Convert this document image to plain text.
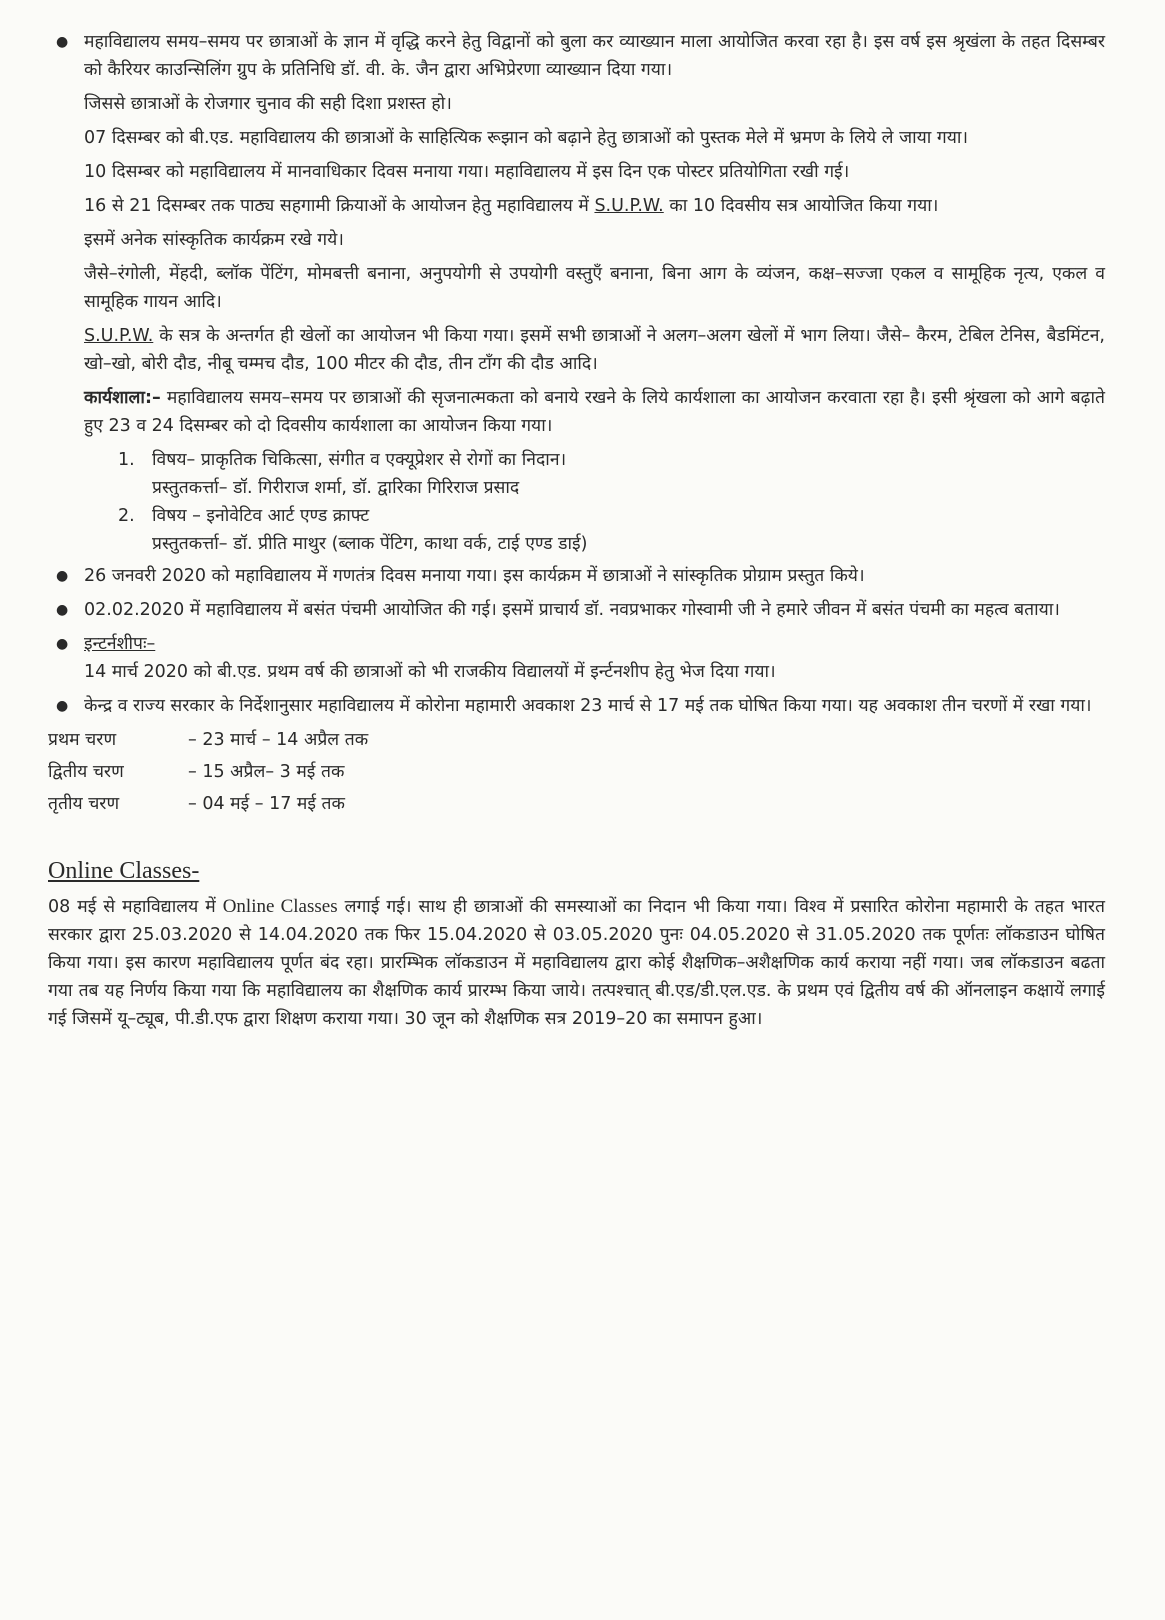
● महाविद्यालय समय–समय पर छात्राओं के ज्ञान में वृद्धि करने हेतु विद्वानों को बुला कर व्याख्यान माला आयोजित करवा रहा है। इस वर्ष इस श्रृखंला के तहत दिसम्बर को कैरियर काउन्सिलिंग ग्रुप के प्रतिनिधि डॉ. वी. के. जैन द्वारा अभिप्रेरणा व्याख्यान दिया गया।

जिससे छात्राओं के रोजगार चुनाव की सही दिशा प्रशस्त हो।

07 दिसम्बर को बी.एड. महाविद्यालय की छात्राओं के साहित्यिक रूझान को बढ़ाने हेतु छात्राओं को पुस्तक मेले में भ्रमण के लिये ले जाया गया।

10 दिसम्बर को महाविद्यालय में मानवाधिकार दिवस मनाया गया। महाविद्यालय में इस दिन एक पोस्टर प्रतियोगिता रखी गई।

16 से 21 दिसम्बर तक पाठ्य सहगामी क्रियाओं के आयोजन हेतु महाविद्यालय में S.U.P.W. का 10 दिवसीय सत्र आयोजित किया गया।

इसमें अनेक सांस्कृतिक कार्यक्रम रखे गये।

जैसे–रंगोली, मेंहदी, ब्लॉक पेंटिंग, मोमबत्ती बनाना, अनुपयोगी से उपयोगी वस्तुएँ बनाना, बिना आग के व्यंजन, कक्ष–सज्जा एकल व सामूहिक नृत्य, एकल व सामूहिक गायन आदि।

S.U.P.W. के सत्र के अन्तर्गत ही खेलों का आयोजन भी किया गया। इसमें सभी छात्राओं ने अलग–अलग खेलों में भाग लिया। जैसे– कैरम, टेबिल टेनिस, बैडमिंटन, खो–खो, बोरी दौड, नीबू चम्मच दौड, 100 मीटर की दौड, तीन टाँग की दौड आदि।

कार्यशाला:– महाविद्यालय समय–समय पर छात्राओं की सृजनात्मकता को बनाये रखने के लिये कार्यशाला का आयोजन करवाता रहा है। इसी श्रृंखला को आगे बढ़ाते हुए 23 व 24 दिसम्बर को दो दिवसीय कार्यशाला का आयोजन किया गया।

1. विषय– प्राकृतिक चिकित्सा, संगीत व एक्यूप्रेशर से रोगों का निदान।
प्रस्तुतकर्त्ता– डॉ. गिरीराज शर्मा, डॉ. द्वारिका गिरिराज प्रसाद
2. विषय – इनोवेटिव आर्ट एण्ड क्राफ्ट
प्रस्तुतकर्त्ता– डॉ. प्रीति माथुर (ब्लाक पेंटिग, काथा वर्क, टाई एण्ड डाई)

● 26 जनवरी 2020 को महाविद्यालय में गणतंत्र दिवस मनाया गया। इस कार्यक्रम में छात्राओं ने सांस्कृतिक प्रोग्राम प्रस्तुत किये।

● 02.02.2020 में महाविद्यालय में बसंत पंचमी आयोजित की गई। इसमें प्राचार्य डॉ. नवप्रभाकर गोस्वामी जी ने हमारे जीवन में बसंत पंचमी का महत्व बताया।

● इन्टर्नशीपः–

14 मार्च 2020 को बी.एड. प्रथम वर्ष की छात्राओं को भी राजकीय विद्यालयों में इर्न्टनशीप हेतु भेज दिया गया।

● केन्द्र व राज्य सरकार के निर्देशानुसार महाविद्यालय में कोरोना महामारी अवकाश 23 मार्च से 17 मई तक घोषित किया गया। यह अवकाश तीन चरणों में रखा गया।

प्रथम चरण	– 23 मार्च – 14 अप्रैल तक
द्वितीय चरण	– 15 अप्रैल– 3 मई तक
तृतीय चरण	– 04 मई – 17 मई तक
Online Classes-

08 मई से महाविद्यालय में Online Classes लगाई गई। साथ ही छात्राओं की समस्याओं का निदान भी किया गया। विश्व में प्रसारित कोरोना महामारी के तहत भारत सरकार द्वारा 25.03.2020 से 14.04.2020 तक फिर 15.04.2020 से 03.05.2020 पुनः 04.05.2020 से 31.05.2020 तक पूर्णतः लॉकडाउन घोषित किया गया। इस कारण महाविद्यालय पूर्णत बंद रहा। प्रारम्भिक लॉकडाउन में महाविद्यालय द्वारा कोई शैक्षणिक–अशैक्षणिक कार्य कराया नहीं गया। जब लॉकडाउन बढता गया तब यह निर्णय किया गया कि महाविद्यालय का शैक्षणिक कार्य प्रारम्भ किया जाये। तत्पश्चात् बी.एड/डी.एल.एड. के प्रथम एवं द्वितीय वर्ष की ऑनलाइन कक्षायें लगाई गई जिसमें यू–ट्यूब, पी.डी.एफ द्वारा शिक्षण कराया गया। 30 जून को शैक्षणिक सत्र 2019–20 का समापन हुआ।
